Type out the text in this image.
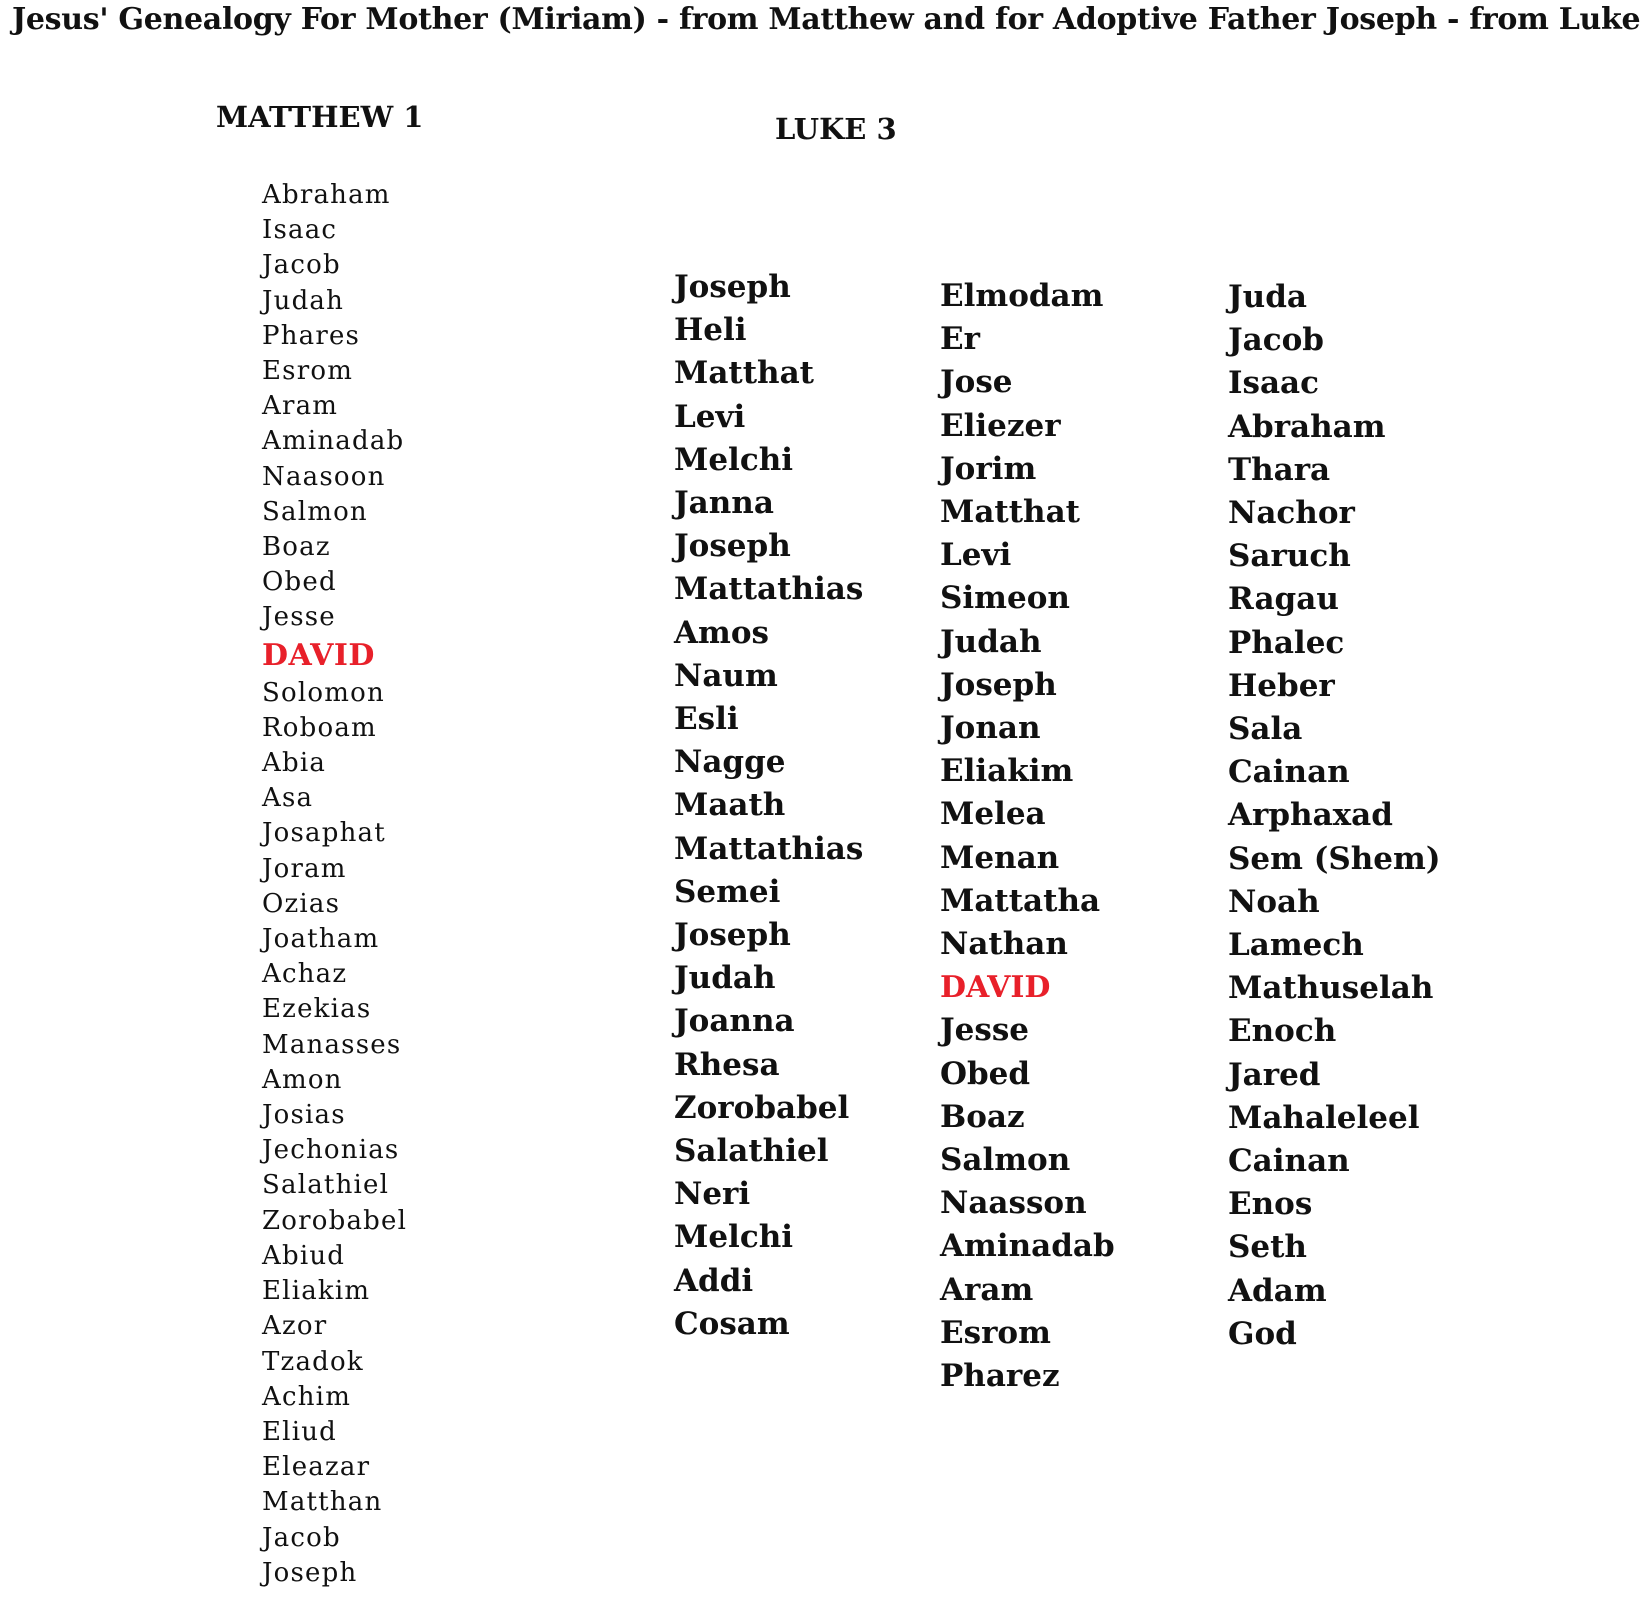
Jesus' Genealogy For Mother (Miriam) - from Matthew and for Adoptive Father Joseph - from Luke
MATTHEW 1	LUKE 3
Abraham
Isaac
Jacob
Judah
Phares
Esrom
Aram
Aminadab
Naasoon
Salmon
Boaz
Obed
Jesse
DAVID
Solomon
Roboam
Abia
Asa
Josaphat
Joram
Ozias
Joatham
Achaz
Ezekias
Manasses
Amon
Josias
Jechonias
Salathiel
Zorobabel
Abiud
Eliakim
Azor
Tzadok
Achim
Eliud
Eleazar
Matthan
Jacob
Joseph
Joseph
Heli
Matthat
Levi
Melchi
Janna
Joseph
Mattathias
Amos
Naum
Esli
Nagge
Maath
Mattathias
Semei
Joseph
Judah
Joanna
Rhesa
Zorobabel
Salathiel
Neri
Melchi
Addi
Cosam
Elmodam
Er
Jose
Eliezer
Jorim
Matthat
Levi
Simeon
Judah
Joseph
Jonan
Eliakim
Melea
Menan
Mattatha
Nathan
DAVID
Jesse
Obed
Boaz
Salmon
Naasson
Aminadab
Aram
Esrom
Pharez
Juda
Jacob
Isaac
Abraham
Thara
Nachor
Saruch
Ragau
Phalec
Heber
Sala
Cainan
Arphaxad
Sem (Shem)
Noah
Lamech
Mathuselah
Enoch
Jared
Mahaleleel
Cainan
Enos
Seth
Adam
God
